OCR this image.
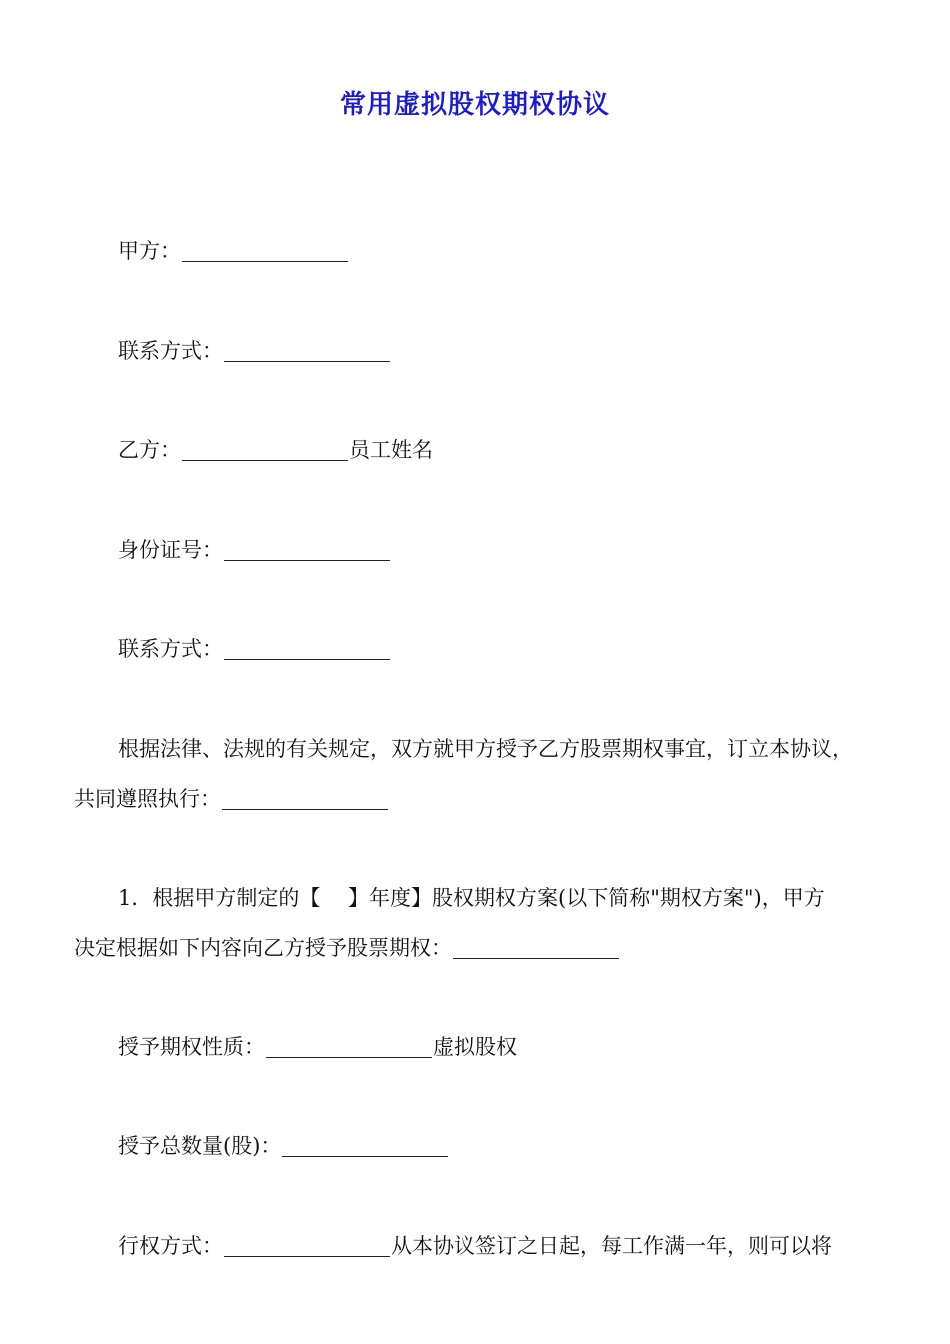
常用虚拟股权期权协议
甲方：
联系方式：
乙方：	员工姓名
身份证号：
联系方式：
根据法律、法规的有关规定，双方就甲方授予乙方股票期权事宜，订立本协议，
共同遵照执行：
1．根据甲方制定的【　 】年度】股权期权方案(以下简称"期权方案")，甲方
决定根据如下内容向乙方授予股票期权：
授予期权性质：	虚拟股权
授予总数量(股)：
行权方式：	从本协议签订之日起，每工作满一年，则可以将
